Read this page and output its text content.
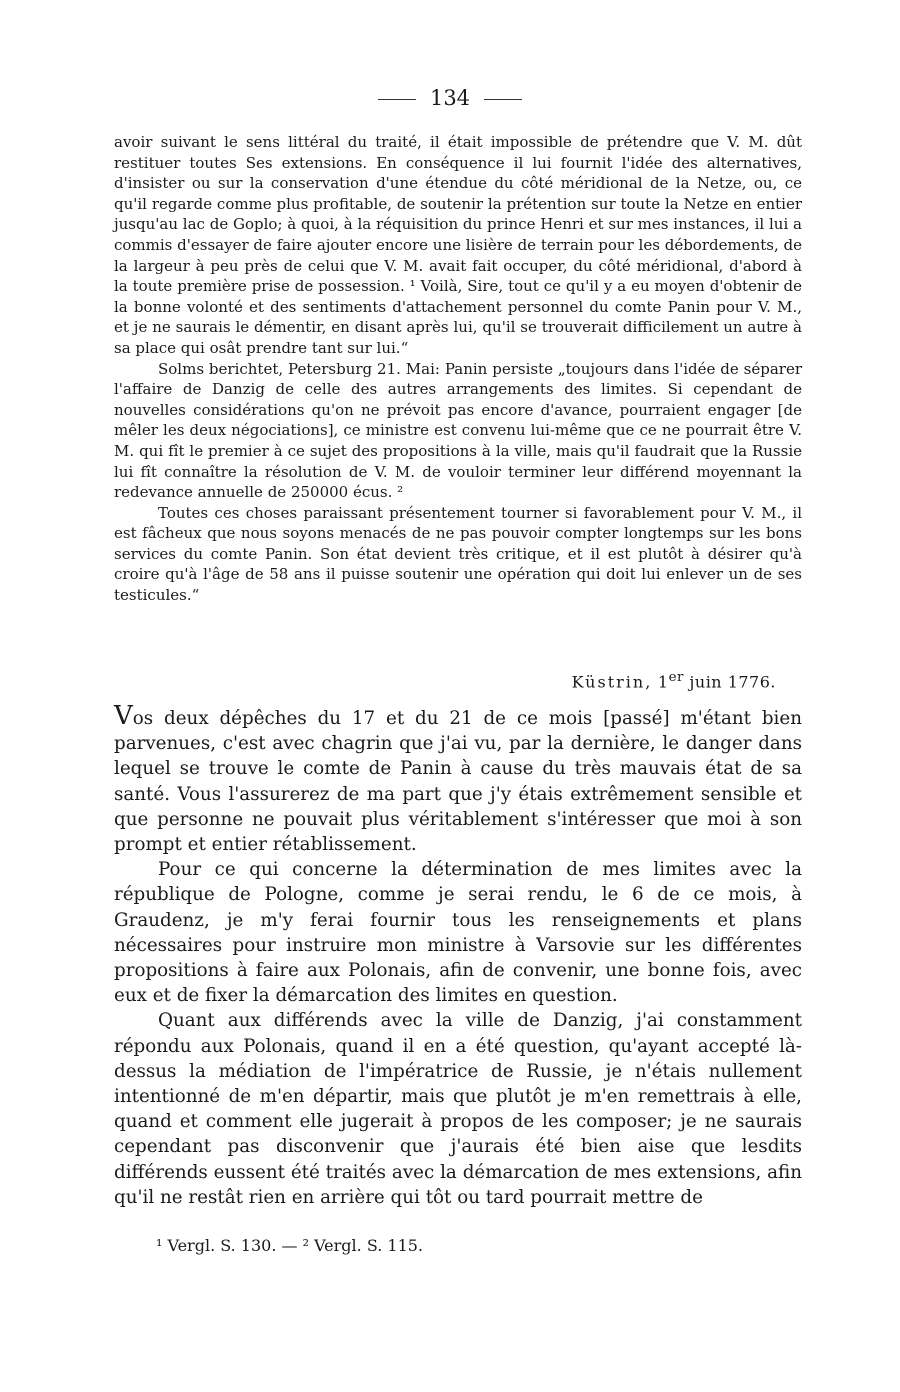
134

avoir suivant le sens littéral du traité, il était impossible de prétendre que V. M. dût restituer toutes Ses extensions. En conséquence il lui fournit l'idée des alternatives, d'insister ou sur la conservation d'une étendue du côté méridional de la Netze, ou, ce qu'il regarde comme plus profitable, de soutenir la prétention sur toute la Netze en entier jusqu'au lac de Goplo; à quoi, à la réquisition du prince Henri et sur mes instances, il lui a commis d'essayer de faire ajouter encore une lisière de terrain pour les débordements, de la largeur à peu près de celui que V. M. avait fait occuper, du côté méridional, d'abord à la toute première prise de possession. ¹ Voilà, Sire, tout ce qu'il y a eu moyen d'obtenir de la bonne volonté et des sentiments d'attachement personnel du comte Panin pour V. M., et je ne saurais le démentir, en disant après lui, qu'il se trouverait difficilement un autre à sa place qui osât prendre tant sur lui.“

Solms berichtet, Petersburg 21. Mai: Panin persiste „toujours dans l'idée de séparer l'affaire de Danzig de celle des autres arrangements des limites. Si cependant de nouvelles considérations qu'on ne prévoit pas encore d'avance, pourraient engager [de mêler les deux négociations], ce ministre est convenu lui-même que ce ne pourrait être V. M. qui fît le premier à ce sujet des propositions à la ville, mais qu'il faudrait que la Russie lui fît connaître la résolution de V. M. de vouloir terminer leur différend moyennant la redevance annuelle de 250000 écus. ²

Toutes ces choses paraissant présentement tourner si favorablement pour V. M., il est fâcheux que nous soyons menacés de ne pas pouvoir compter longtemps sur les bons services du comte Panin. Son état devient très critique, et il est plutôt à désirer qu'à croire qu'à l'âge de 58 ans il puisse soutenir une opération qui doit lui enlever un de ses testicules.“

Küstrin, 1er juin 1776.

Vos deux dépêches du 17 et du 21 de ce mois [passé] m'étant bien parvenues, c'est avec chagrin que j'ai vu, par la dernière, le danger dans lequel se trouve le comte de Panin à cause du très mauvais état de sa santé. Vous l'assurerez de ma part que j'y étais extrêmement sensible et que personne ne pouvait plus véritablement s'intéresser que moi à son prompt et entier rétablissement.

Pour ce qui concerne la détermination de mes limites avec la république de Pologne, comme je serai rendu, le 6 de ce mois, à Graudenz, je m'y ferai fournir tous les renseignements et plans nécessaires pour instruire mon ministre à Varsovie sur les différentes propositions à faire aux Polonais, afin de convenir, une bonne fois, avec eux et de fixer la démarcation des limites en question.

Quant aux différends avec la ville de Danzig, j'ai constamment répondu aux Polonais, quand il en a été question, qu'ayant accepté là-dessus la médiation de l'impératrice de Russie, je n'étais nullement intentionné de m'en départir, mais que plutôt je m'en remettrais à elle, quand et comment elle jugerait à propos de les composer; je ne saurais cependant pas disconvenir que j'aurais été bien aise que lesdits différends eussent été traités avec la démarcation de mes extensions, afin qu'il ne restât rien en arrière qui tôt ou tard pourrait mettre de

¹ Vergl. S. 130. — ² Vergl. S. 115.
